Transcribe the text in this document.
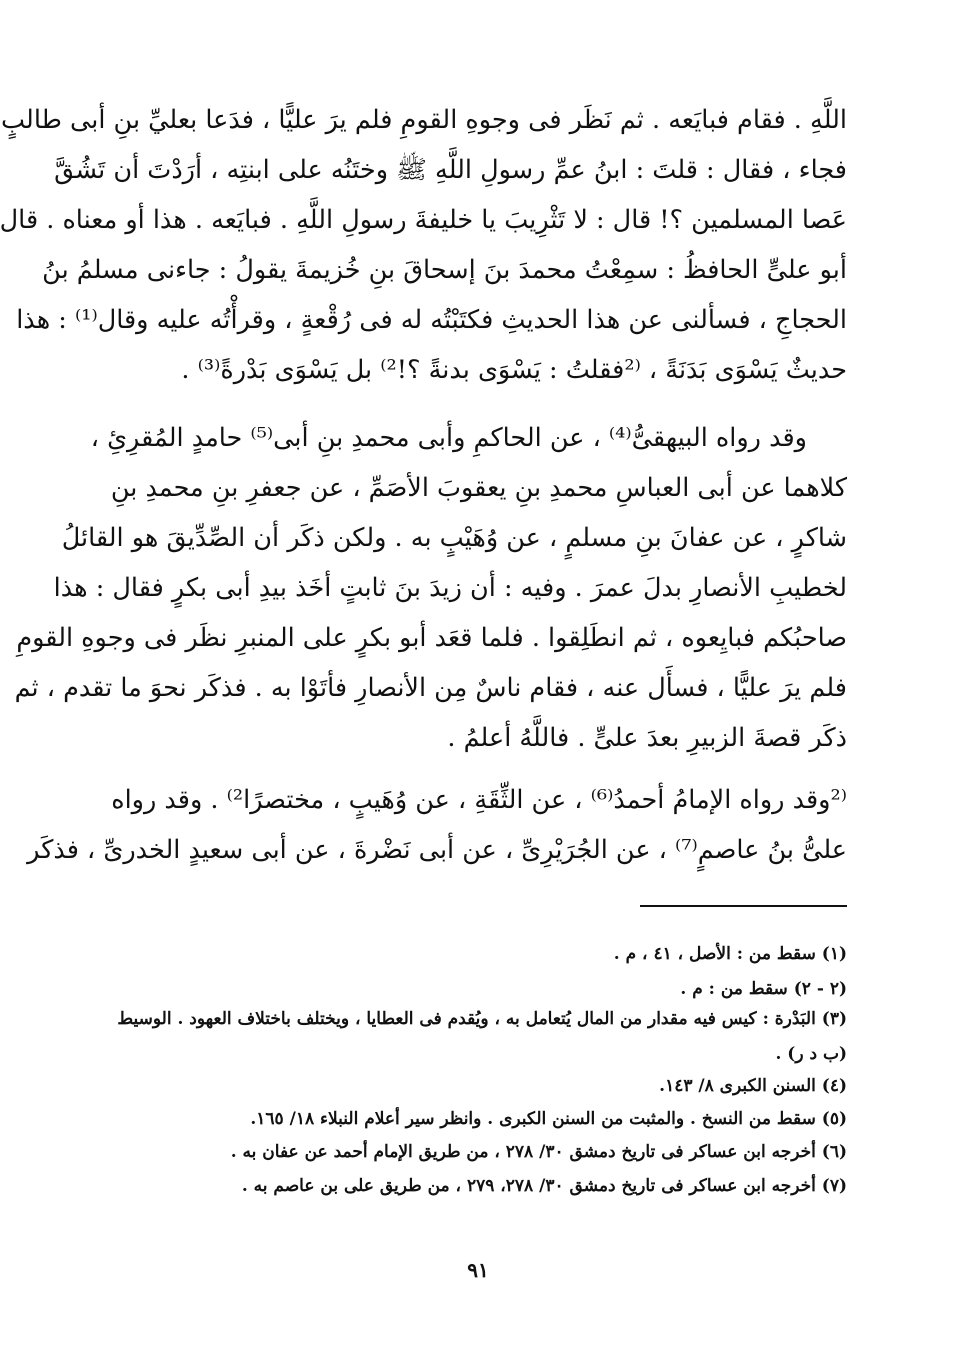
اللَّهِ . فقام فبايَعه . ثم نَظَر فى وجوهِ القومِ فلم يرَ عليًّا ، فدَعا بعليِّ بنِ أبى طالبٍ
فجاء ، فقال : قلتَ : ابنُ عمِّ رسولِ اللَّهِ ﷺ وختَنُه على ابنتِه ، أرَدْتَ أن تَشُقَّ
عَصا المسلمين ؟! قال : لا تَثْرِيبَ يا خليفةَ رسولِ اللَّهِ . فبايَعه . هذا أو معناه . قال
أبو علىٍّ الحافظُ : سمِعْتُ محمدَ بنَ إسحاقَ بنِ خُزيمةَ يقولُ : جاءنى مسلمُ بنُ
الحجاجِ ، فسألنى عن هذا الحديثِ فكتَبْتُه له فى رُقْعةٍ ، وقرأْتُه عليه وقال⁽¹⁾ : هذا
حديثٌ يَسْوَى بَدَنَةً ، ⁽²فقلتُ : يَسْوَى بدنةً ؟!²⁾ بل يَسْوَى بَدْرةً⁽³⁾ .
وقد رواه البيهقىُّ⁽⁴⁾ ، عن الحاكمِ وأبى محمدِ بنِ أبى⁽⁵⁾ حامدٍ المُقرِئِ ،
كلاهما عن أبى العباسِ محمدِ بنِ يعقوبَ الأصَمِّ ، عن جعفرِ بنِ محمدِ بنِ
شاكرٍ ، عن عفانَ بنِ مسلمٍ ، عن وُهَيْبٍ به . ولكن ذكَر أن الصِّدِّيقَ هو القائلُ
لخطيبِ الأنصارِ بدلَ عمرَ . وفيه : أن زيدَ بنَ ثابتٍ أخَذ بيدِ أبى بكرٍ فقال : هذا
صاحبُكم فبايِعوه ، ثم انطَلِقوا . فلما قعَد أبو بكرٍ على المنبرِ نظَر فى وجوهِ القومِ
فلم يرَ عليًّا ، فسأَل عنه ، فقام ناسٌ مِن الأنصارِ فأتَوْا به . فذكَر نحوَ ما تقدم ، ثم
ذكَر قصةَ الزبيرِ بعدَ علىٍّ . فاللَّهُ أعلمُ .
⁽²وقد رواه الإمامُ أحمدُ⁽⁶⁾ ، عن الثِّقَةِ ، عن وُهَيبٍ ، مختصرًا²⁾ . وقد رواه
علىُّ بنُ عاصمٍ⁽⁷⁾ ، عن الجُرَيْرِىِّ ، عن أبى نَضْرةَ ، عن أبى سعيدٍ الخدرىِّ ، فذكَر
(١) سقط من : الأصل ، ٤١ ، م .
(٢ - ٢) سقط من : م .
(٣) البَدْرة : كيس فيه مقدار من المال يُتعامل به ، ويُقدم فى العطايا ، ويختلف باختلاف العهود . الوسيط
(ب د ر) .
(٤) السنن الكبرى ٨/ ١٤٣.
(٥) سقط من النسخ . والمثبت من السنن الكبرى . وانظر سير أعلام النبلاء ١٨/ ١٦٥.
(٦) أخرجه ابن عساكر فى تاريخ دمشق ٣٠/ ٢٧٨ ، من طريق الإمام أحمد عن عفان به .
(٧) أخرجه ابن عساكر فى تاريخ دمشق ٣٠/ ٢٧٨، ٢٧٩ ، من طريق على بن عاصم به .
٩١
